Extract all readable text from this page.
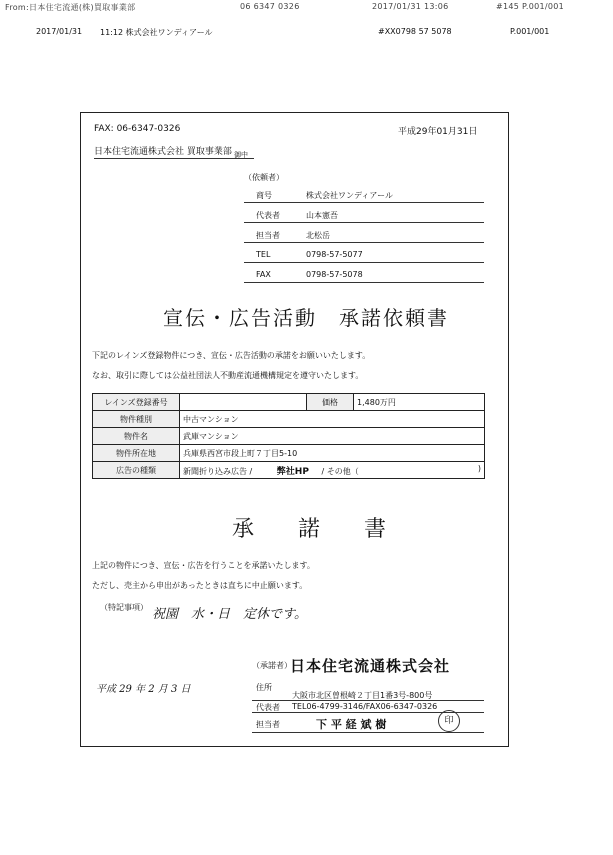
From:日本住宅流通(株)買取事業部	06 6347 0326	2017/01/31 13:06	#145 P.001/001
2017/01/31 11:12 株式会社ワンディアール	#XX0798 57 5078	P.001/001
FAX: 06-6347-0326	平成29年01月31日
日本住宅流通株式会社 買取事業部 御中
（依頼者）
商号	株式会社ワンディアール
代表者	山本憲吾
担当者	北松岳
TEL	0798-57-5077
FAX	0798-57-5078
宣伝・広告活動　承諾依頼書
下記のレインズ登録物件につき、宣伝・広告活動の承諾をお願いいたします。
なお、取引に際しては公益社団法人不動産流通機構規定を遵守いたします。
レインズ登録番号		価格	1,480万円
物件種別	中古マンション		
物件名	武庫マンション		
物件所在地	兵庫県西宮市段上町７丁目5-10		
広告の種類	新聞折り込み広告 / 弊社HP / その他（ )		
承　　諾　　書
上記の物件につき、宣伝・広告を行うことを承諾いたします。
ただし、売主から申出があったときは直ちに中止願います。
（特記事項） 祝園　水・日　定休です。
（承諾者）
日本住宅流通株式会社
平成 29 年 2 月 3 日	住所
大阪市北区曽根崎２丁目1番3号-800号
代表者 TEL06-4799-3146/FAX06-6347-0326
担当者	下 平 経 斌 樹	印
